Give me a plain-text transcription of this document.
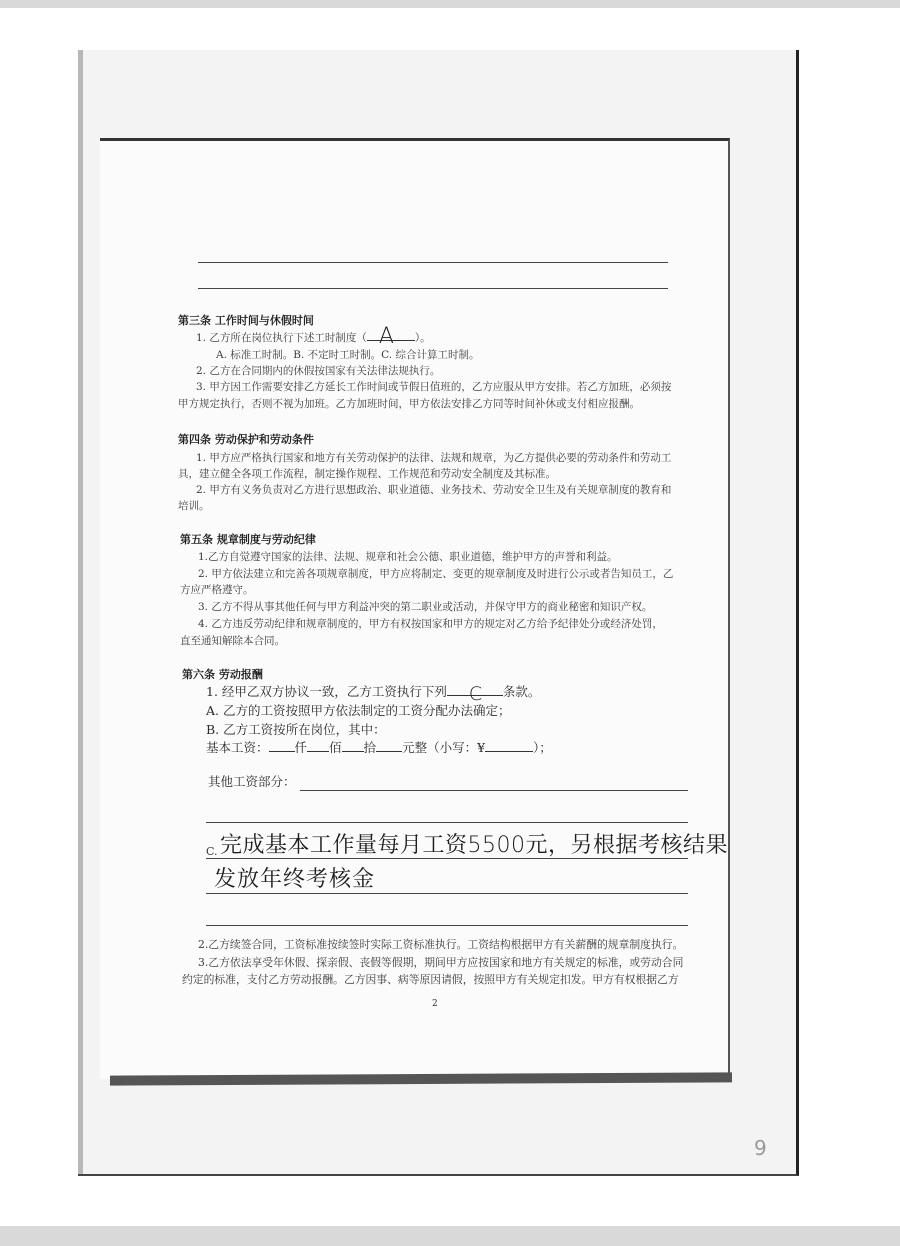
第三条 工作时间与休假时间
1. 乙方所在岗位执行下述工时制度（ A ）。
A. 标准工时制。B. 不定时工时制。C. 综合计算工时制。
2. 乙方在合同期内的休假按国家有关法律法规执行。
3. 甲方因工作需要安排乙方延长工作时间或节假日值班的，乙方应服从甲方安排。若乙方加班，必须按
甲方规定执行，否则不视为加班。乙方加班时间，甲方依法安排乙方同等时间补休或支付相应报酬。
第四条 劳动保护和劳动条件
1. 甲方应严格执行国家和地方有关劳动保护的法律、法规和规章，为乙方提供必要的劳动条件和劳动工
具，建立健全各项工作流程，制定操作规程、工作规范和劳动安全制度及其标准。
2. 甲方有义务负责对乙方进行思想政治、职业道德、业务技术、劳动安全卫生及有关规章制度的教育和
培训。
第五条 规章制度与劳动纪律
1.乙方自觉遵守国家的法律、法规、规章和社会公德、职业道德，维护甲方的声誉和利益。
2. 甲方依法建立和完善各项规章制度，甲方应将制定、变更的规章制度及时进行公示或者告知员工，乙
方应严格遵守。
3. 乙方不得从事其他任何与甲方利益冲突的第二职业或活动，并保守甲方的商业秘密和知识产权。
4. 乙方违反劳动纪律和规章制度的，甲方有权按国家和甲方的规定对乙方给予纪律处分或经济处罚，
直至通知解除本合同。
第六条 劳动报酬
1. 经甲乙双方协议一致，乙方工资执行下列 C 条款。
A. 乙方的工资按照甲方依法制定的工资分配办法确定；
B. 乙方工资按所在岗位，其中：
基本工资： 仟 佰 拾 元整（小写：¥	）；
其他工资部分：
C. 完成基本工作量每月工资5500元，另根据考核结果
发放年终考核金
2.乙方续签合同，工资标准按续签时实际工资标准执行。工资结构根据甲方有关薪酬的规章制度执行。
3.乙方依法享受年休假、探亲假、丧假等假期，期间甲方应按国家和地方有关规定的标准，或劳动合同
约定的标准，支付乙方劳动报酬。乙方因事、病等原因请假，按照甲方有关规定扣发。甲方有权根据乙方
2
9
